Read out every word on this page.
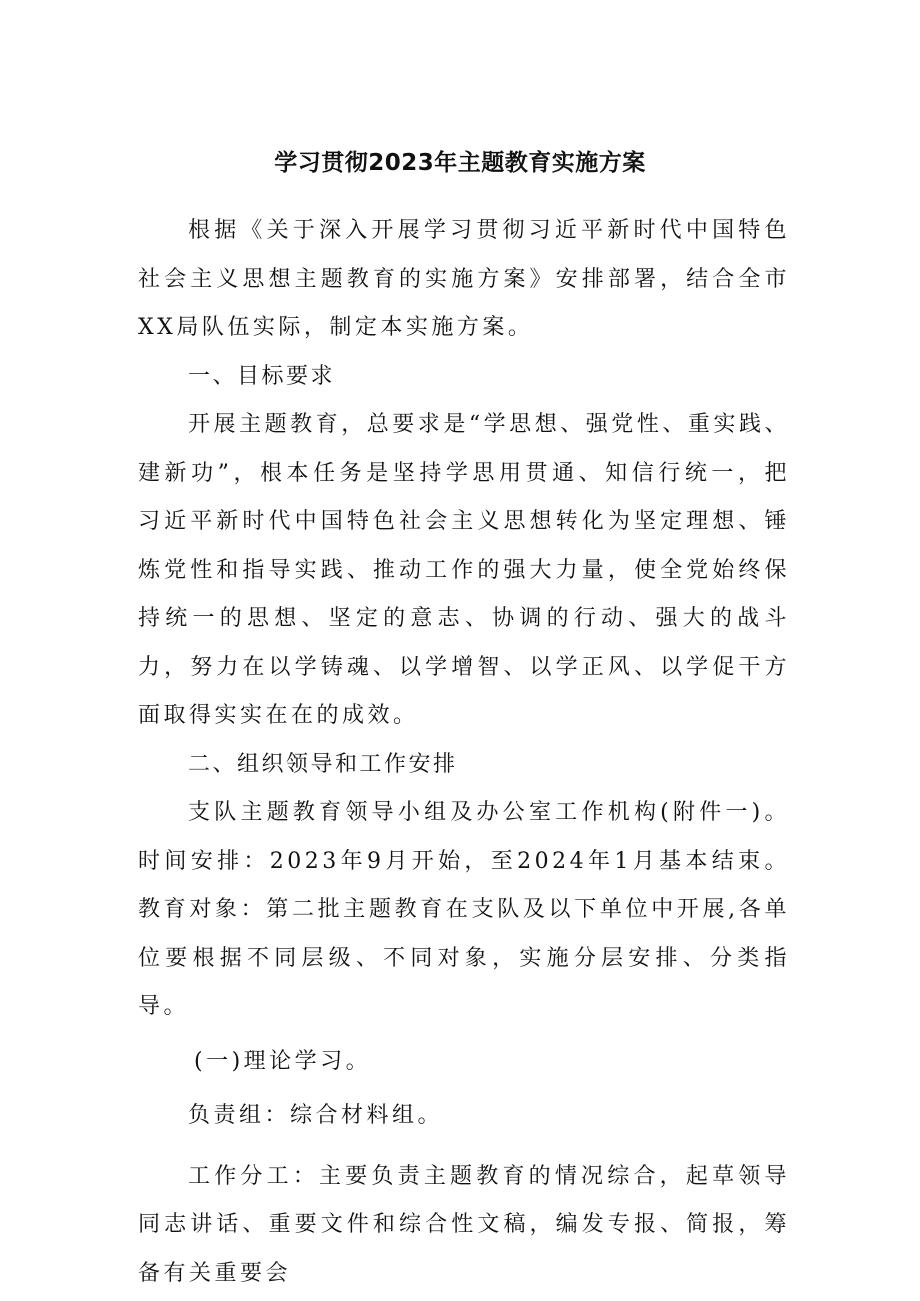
学习贯彻2023年主题教育实施方案

根据《关于深入开展学习贯彻习近平新时代中国特色社会主义思想主题教育的实施方案》安排部署，结合全市XX局队伍实际，制定本实施方案。

一、目标要求

开展主题教育，总要求是“学思想、强党性、重实践、建新功”，根本任务是坚持学思用贯通、知信行统一，把习近平新时代中国特色社会主义思想转化为坚定理想、锤炼党性和指导实践、推动工作的强大力量，使全党始终保持统一的思想、坚定的意志、协调的行动、强大的战斗力，努力在以学铸魂、以学增智、以学正风、以学促干方面取得实实在在的成效。

二、组织领导和工作安排

支队主题教育领导小组及办公室工作机构(附件一)。时间安排：2023年9月开始，至2024年1月基本结束。教育对象：第二批主题教育在支队及以下单位中开展,各单位要根据不同层级、不同对象，实施分层安排、分类指导。

(一)理论学习。

负责组：综合材料组。

工作分工：主要负责主题教育的情况综合，起草领导同志讲话、重要文件和综合性文稿，编发专报、简报，筹备有关重要会
